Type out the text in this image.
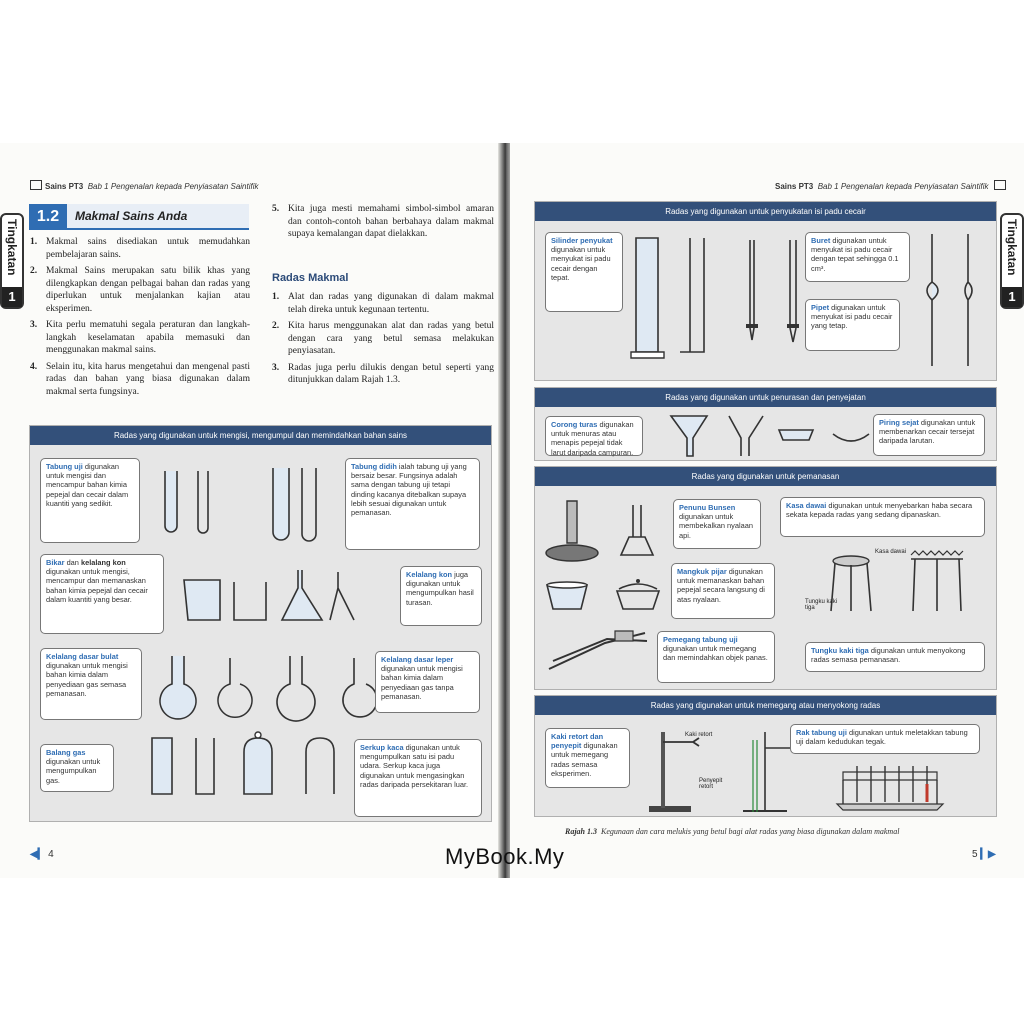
Sains PT3 Bab 1 Pengenalan kepada Penyiasatan Saintifik
Tingkatan
1
1.2	Makmal Sains Anda
1. Makmal sains disediakan untuk memudahkan pembelajaran sains.
2. Makmal Sains merupakan satu bilik khas yang dilengkapkan dengan pelbagai bahan dan radas yang diperlukan untuk menjalankan kajian atau eksperimen.
3. Kita perlu mematuhi segala peraturan dan langkah-langkah keselamatan apabila memasuki dan menggunakan makmal sains.
4. Selain itu, kita harus mengetahui dan mengenal pasti radas dan bahan yang biasa digunakan dalam makmal serta fungsinya.
5. Kita juga mesti memahami simbol-simbol amaran dan contoh-contoh bahan berbahaya dalam makmal supaya kemalangan dapat dielakkan.
Radas Makmal
1. Alat dan radas yang digunakan di dalam makmal telah direka untuk kegunaan tertentu.
2. Kita harus menggunakan alat dan radas yang betul dengan cara yang betul semasa melakukan penyiasatan.
3. Radas juga perlu dilukis dengan betul seperti yang ditunjukkan dalam Rajah 1.3.
Radas yang digunakan untuk mengisi, mengumpul dan memindahkan bahan sains
Tabung uji digunakan untuk mengisi dan mencampur bahan kimia pepejal dan cecair dalam kuantiti yang sedikit.
Tabung didih ialah tabung uji yang bersaiz besar. Fungsinya adalah sama dengan tabung uji tetapi dinding kacanya ditebalkan supaya lebih sesuai digunakan untuk pemanasan.
Bikar dan kelalang kon digunakan untuk mengisi, mencampur dan memanaskan bahan kimia pepejal dan cecair dalam kuantiti yang besar.
Kelalang kon juga digunakan untuk mengumpulkan hasil turasan.
Kelalang dasar bulat digunakan untuk mengisi bahan kimia dalam penyediaan gas semasa pemanasan.
Kelalang dasar leper digunakan untuk mengisi bahan kimia dalam penyediaan gas tanpa pemanasan.
Balang gas digunakan untuk mengumpulkan gas.
Serkup kaca digunakan untuk mengumpulkan satu isi padu udara. Serkup kaca juga digunakan untuk mengasingkan radas daripada persekitaran luar.
◀▎ 4
Sains PT3 Bab 1 Pengenalan kepada Penyiasatan Saintifik
Tingkatan
1
Radas yang digunakan untuk penyukatan isi padu cecair
Silinder penyukat digunakan untuk menyukat isi padu cecair dengan tepat.
Buret digunakan untuk menyukat isi padu cecair dengan tepat sehingga 0.1 cm³.
Pipet digunakan untuk menyukat isi padu cecair yang tetap.
Radas yang digunakan untuk penurasan dan penyejatan
Corong turas digunakan untuk menuras atau menapis pepejal tidak larut daripada campuran.
Piring sejat digunakan untuk membenarkan cecair tersejat daripada larutan.
Radas yang digunakan untuk pemanasan
Penunu Bunsen digunakan untuk membekalkan nyalaan api.
Kasa dawai digunakan untuk menyebarkan haba secara sekata kepada radas yang sedang dipanaskan.
Kasa dawai
Tungku kaki tiga
Mangkuk pijar digunakan untuk memanaskan bahan pepejal secara langsung di atas nyalaan.
Pemegang tabung uji digunakan untuk memegang dan memindahkan objek panas.
Tungku kaki tiga digunakan untuk menyokong radas semasa pemanasan.
Radas yang digunakan untuk memegang atau menyokong radas
Kaki retort dan penyepit digunakan untuk memegang radas semasa eksperimen.
Kaki retort
Penyepit retort
Rak tabung uji digunakan untuk meletakkan tabung uji dalam kedudukan tegak.
Rajah 1.3 Kegunaan dan cara melukis yang betul bagi alat radas yang biasa digunakan dalam makmal
5 ▎▶
MyBook.My
